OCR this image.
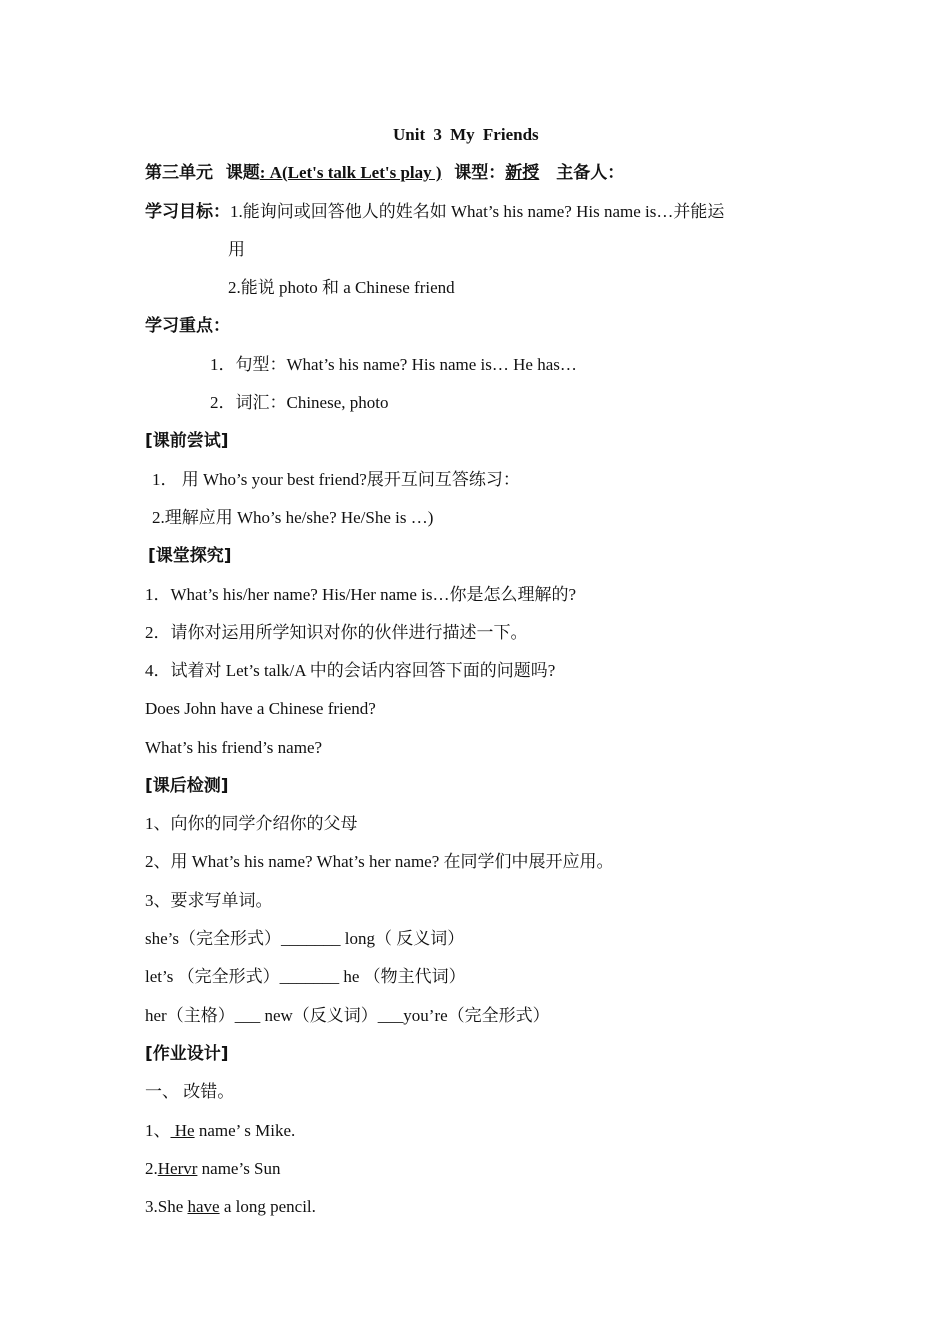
Unit 3 My Friends
第三单元 课题: A(Let's talk Let's play ) 课型：新授 主备人：
学习目标：1.能询问或回答他人的姓名如 What’s his name? His name is…并能运
用
2.能说 photo 和 a Chinese friend
学习重点：
1．句型：What’s his name? His name is… He has…
2．词汇：Chinese, photo
[课前尝试]
1． 用 Who’s your best friend?展开互问互答练习：
2.理解应用 Who’s he/she? He/She is …)
[课堂探究]
1．What’s his/her name? His/Her name is…你是怎么理解的?
2．请你对运用所学知识对你的伙伴进行描述一下。
4．试着对 Let’s talk/A 中的会话内容回答下面的问题吗?
Does John have a Chinese friend?
What’s his friend’s name?
[课后检测]
1、向你的同学介绍你的父母
2、用 What’s his name? What’s her name? 在同学们中展开应用。
3、要求写单词。
she’s（完全形式）_______ long（ 反义词）
let’s （完全形式）_______ he （物主代词）
her（主格）___ new（反义词）___you’re（完全形式）
[作业设计]
一、 改错。
1、 He name’ s Mike.
2.Hervr name’s Sun
3.She have a long pencil.
